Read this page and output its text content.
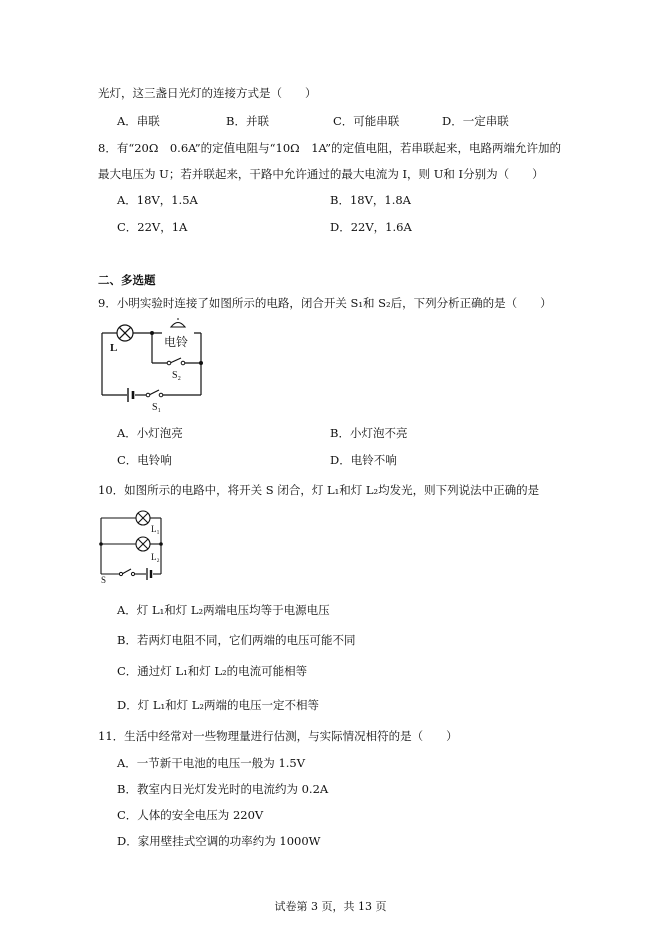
光灯，这三盏日光灯的连接方式是（　　）
A．串联	B．并联	C．可能串联	D．一定串联
8．有“20Ω　0.6A”的定值电阻与“10Ω　1A”的定值电阻，若串联起来，电路两端允许加的
最大电压为 U；若并联起来，干路中允许通过的最大电流为 I，则 U和 I分别为（　　）
A．18V，1.5A	B．18V，1.8A
C．22V，1A	D．22V，1.6A
二、多选题
9．小明实验时连接了如图所示的电路，闭合开关 S₁和 S₂后，下列分析正确的是（　　）
电铃
L
S₂
S₁
A．小灯泡亮	B．小灯泡不亮
C．电铃响	D．电铃不响
10．如图所示的电路中，将开关 S 闭合，灯 L₁和灯 L₂均发光，则下列说法中正确的是
L₁
L₂
S
A．灯 L₁和灯 L₂两端电压均等于电源电压
B．若两灯电阻不同，它们两端的电压可能不同
C．通过灯 L₁和灯 L₂的电流可能相等
D．灯 L₁和灯 L₂两端的电压一定不相等
11．生活中经常对一些物理量进行估测，与实际情况相符的是（　　）
A．一节新干电池的电压一般为 1.5V
B．教室内日光灯发光时的电流约为 0.2A
C．人体的安全电压为 220V
D．家用壁挂式空调的功率约为 1000W
试卷第 3 页，共 13 页
